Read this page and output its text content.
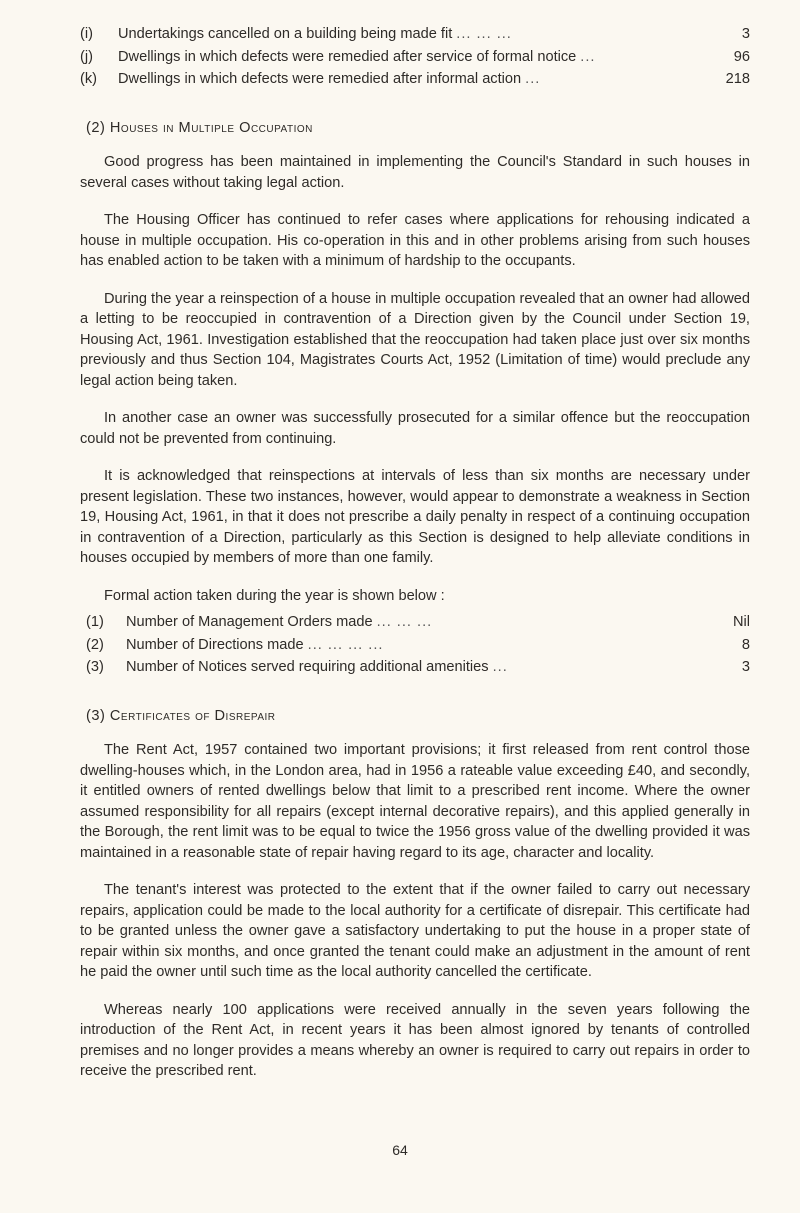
(i)	Undertakings cancelled on a building being made fit ... ... ...	3
(j)	Dwellings in which defects were remedied after service of formal notice ...	96
(k)	Dwellings in which defects were remedied after informal action ...	218
(2) Houses in Multiple Occupation

Good progress has been maintained in implementing the Council's Standard in such houses in several cases without taking legal action.

The Housing Officer has continued to refer cases where applications for rehousing indicated a house in multiple occupation. His co-operation in this and in other problems arising from such houses has enabled action to be taken with a minimum of hardship to the occupants.

During the year a reinspection of a house in multiple occupation revealed that an owner had allowed a letting to be reoccupied in contravention of a Direction given by the Council under Section 19, Housing Act, 1961. Investigation established that the reoccupation had taken place just over six months previously and thus Section 104, Magistrates Courts Act, 1952 (Limitation of time) would preclude any legal action being taken.

In another case an owner was successfully prosecuted for a similar offence but the reoccupation could not be prevented from continuing.

It is acknowledged that reinspections at intervals of less than six months are necessary under present legislation. These two instances, however, would appear to demonstrate a weakness in Section 19, Housing Act, 1961, in that it does not prescribe a daily penalty in respect of a continuing occupation in contravention of a Direction, particularly as this Section is designed to help alleviate conditions in houses occupied by members of more than one family.

Formal action taken during the year is shown below :

(1)	Number of Management Orders made ... ... ...	Nil
(2)	Number of Directions made ... ... ... ...	8
(3)	Number of Notices served requiring additional amenities ...	3
(3) Certificates of Disrepair

The Rent Act, 1957 contained two important provisions; it first released from rent control those dwelling-houses which, in the London area, had in 1956 a rateable value exceeding £40, and secondly, it entitled owners of rented dwellings below that limit to a prescribed rent income. Where the owner assumed responsibility for all repairs (except internal decorative repairs), and this applied generally in the Borough, the rent limit was to be equal to twice the 1956 gross value of the dwelling provided it was maintained in a reasonable state of repair having regard to its age, character and locality.

The tenant's interest was protected to the extent that if the owner failed to carry out necessary repairs, application could be made to the local authority for a certificate of disrepair. This certificate had to be granted unless the owner gave a satisfactory undertaking to put the house in a proper state of repair within six months, and once granted the tenant could make an adjustment in the amount of rent he paid the owner until such time as the local authority cancelled the certificate.

Whereas nearly 100 applications were received annually in the seven years following the introduction of the Rent Act, in recent years it has been almost ignored by tenants of controlled premises and no longer provides a means whereby an owner is required to carry out repairs in order to receive the prescribed rent.

64
